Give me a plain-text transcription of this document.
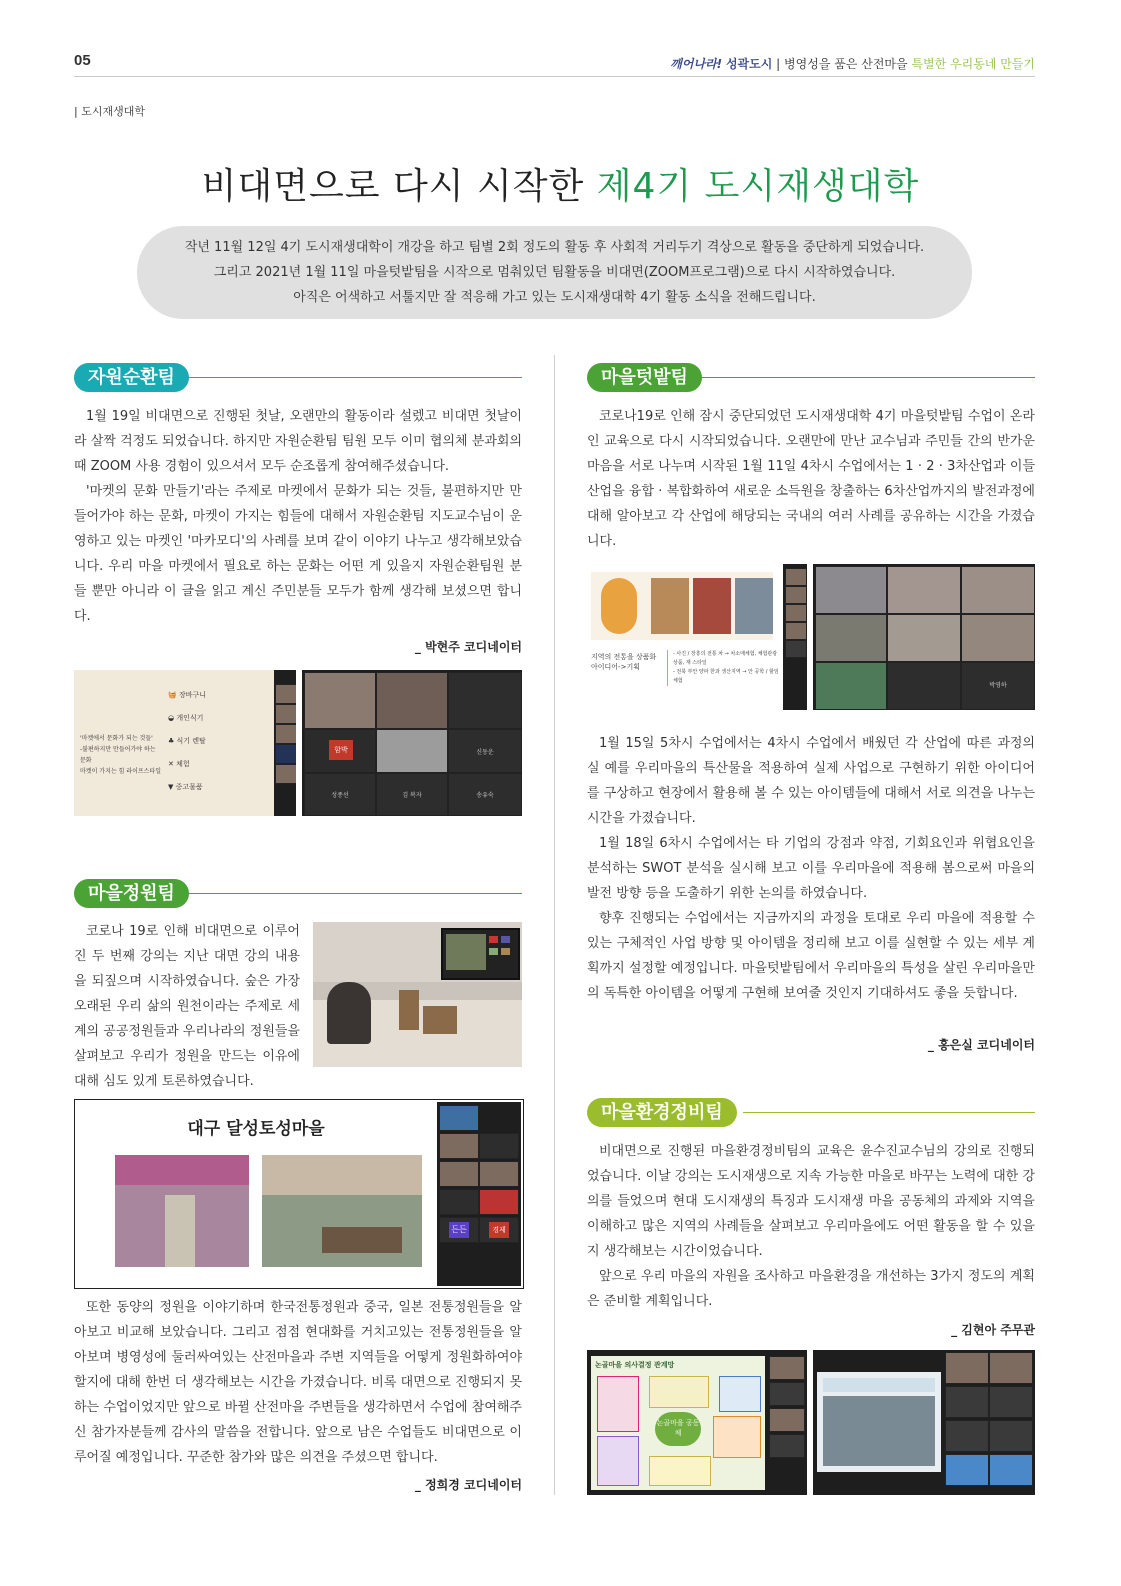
05	깨어나라! 성곽도시 | 병영성을 품은 산전마을 특별한 우리동네 만들기
| 도시재생대학
비대면으로 다시 시작한 제4기 도시재생대학

작년 11월 12일 4기 도시재생대학이 개강을 하고 팀별 2회 정도의 활동 후 사회적 거리두기 격상으로 활동을 중단하게 되었습니다.

그리고 2021년 1월 11일 마을텃밭팀을 시작으로 멈춰있던 팀활동을 비대면(ZOOM프로그램)으로 다시 시작하였습니다.

아직은 어색하고 서툴지만 잘 적응해 가고 있는 도시재생대학 4기 활동 소식을 전해드립니다.

자원순환팀

1월 19일 비대면으로 진행된 첫날, 오랜만의 활동이라 설렜고 비대면 첫날이라 살짝 걱정도 되었습니다. 하지만 자원순환팀 팀원 모두 이미 협의체 분과회의 때 ZOOM 사용 경험이 있으셔서 모두 순조롭게 참여해주셨습니다.

'마켓의 문화 만들기'라는 주제로 마켓에서 문화가 되는 것들, 불편하지만 만들어가야 하는 문화, 마켓이 가지는 힘들에 대해서 자원순환팀 지도교수님이 운영하고 있는 마켓인 '마카모디'의 사례를 보며 같이 이야기 나누고 생각해보았습니다. 우리 마을 마켓에서 필요로 하는 문화는 어떤 게 있을지 자원순환팀원 분들 뿐만 아니라 이 글을 읽고 계신 주민분들 모두가 함께 생각해 보셨으면 합니다.

_ 박현주 코디네이터
'마켓에서 문화가 되는 것들'
-불편하지만 만들어가야 하는 문화
마켓이 가지는 힘 라이프스타일
🧺 장바구니
◒ 개인식기
♣ 식기 렌탈
✕ 체험
▼ 중고물품
함박	신동운
성종선	김 복자	송유숙
마을정원팀

코로나 19로 인해 비대면으로 이루어진 두 번째 강의는 지난 대면 강의 내용을 되짚으며 시작하였습니다. 숲은 가장 오래된 우리 삶의 원천이라는 주제로 세계의 공공정원들과 우리나라의 정원들을 살펴보고 우리가 정원을 만드는 이유에 대해 심도 있게 토론하였습니다.

대구 달성토성마을
든든	경제

또한 동양의 정원을 이야기하며 한국전통정원과 중국, 일본 전통정원들을 알아보고 비교해 보았습니다. 그리고 점점 현대화를 거치고있는 전통정원들을 알아보며 병영성에 둘러싸여있는 산전마을과 주변 지역들을 어떻게 정원화하여야 할지에 대해 한번 더 생각해보는 시간을 가졌습니다. 비록 대면으로 진행되지 못하는 수업이었지만 앞으로 바뀔 산전마을 주변들을 생각하면서 수업에 참여해주신 참가자분들께 감사의 말씀을 전합니다. 앞으로 남은 수업들도 비대면으로 이루어질 예정입니다. 꾸준한 참가와 많은 의견을 주셨으면 합니다.

_ 정희경 코디네이터
마을텃밭팀

코로나19로 인해 잠시 중단되었던 도시재생대학 4기 마을텃밭팀 수업이 온라인 교육으로 다시 시작되었습니다. 오랜만에 만난 교수님과 주민들 간의 반가운 마음을 서로 나누며 시작된 1월 11일 4차시 수업에서는 1 · 2 · 3차산업과 이들 산업을 융합 · 복합화하여 새로운 소득원을 창출하는 6차산업까지의 발전과정에 대해 알아보고 각 산업에 해당되는 국내의 여러 사례를 공유하는 시간을 가졌습니다.

지역의 전통을 상품화 아이디어->기획
- 사진 / 장흥의 전통 차 → 차소매체험, 체험관광상품, 재 스타일
- 전북 부안 양파 한과 생산지역 → 안 공학 / 할임체험
박영하

1월 15일 5차시 수업에서는 4차시 수업에서 배웠던 각 산업에 따른 과정의 실 예를 우리마을의 특산물을 적용하여 실제 사업으로 구현하기 위한 아이디어를 구상하고 현장에서 활용해 볼 수 있는 아이템들에 대해서 서로 의견을 나누는 시간을 가졌습니다.

1월 18일 6차시 수업에서는 타 기업의 강점과 약점, 기회요인과 위협요인을 분석하는 SWOT 분석을 실시해 보고 이를 우리마을에 적용해 봄으로써 마을의 발전 방향 등을 도출하기 위한 논의를 하였습니다.

향후 진행되는 수업에서는 지금까지의 과정을 토대로 우리 마을에 적용할 수 있는 구체적인 사업 방향 및 아이템을 정리해 보고 이를 실현할 수 있는 세부 계획까지 설정할 예정입니다. 마을텃밭팀에서 우리마을의 특성을 살린 우리마을만의 독특한 아이템을 어떻게 구현해 보여줄 것인지 기대하셔도 좋을 듯합니다.

_ 홍은실 코디네이터
마을환경정비팀

비대면으로 진행된 마을환경정비팀의 교육은 윤수진교수님의 강의로 진행되었습니다. 이날 강의는 도시재생으로 지속 가능한 마을로 바꾸는 노력에 대한 강의를 들었으며 현대 도시재생의 특징과 도시재생 마을 공동체의 과제와 지역을 이해하고 많은 지역의 사례들을 살펴보고 우리마을에도 어떤 활동을 할 수 있을지 생각해보는 시간이었습니다.

앞으로 우리 마을의 자원을 조사하고 마을환경을 개선하는 3가지 정도의 계획은 준비할 계획입니다.

_ 김현아 주무관
논골마을 의사결정 관계망
논골마을 공동체
